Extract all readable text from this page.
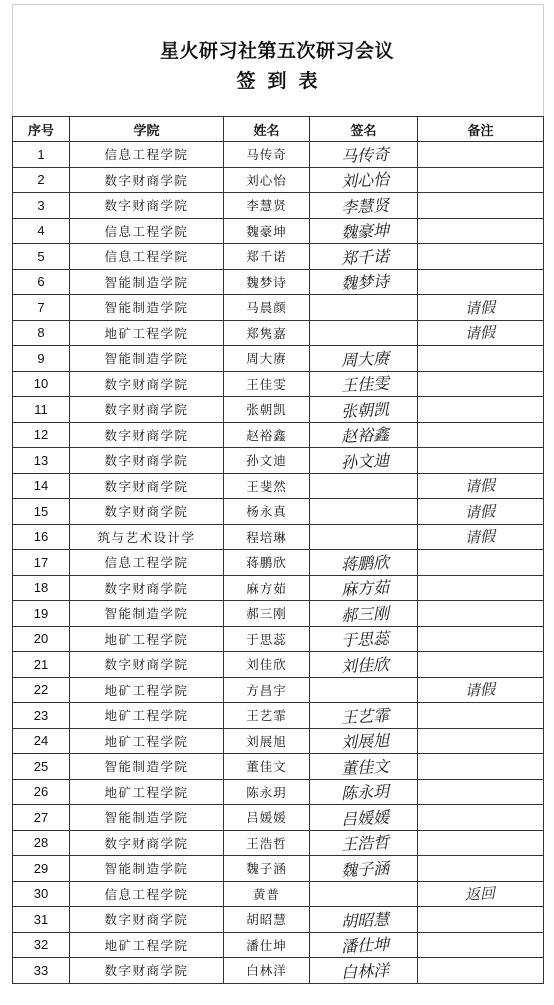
星火研习社第五次研习会议
签到表
序号	学院	姓名	签名	备注
1	信息工程学院	马传奇	马传奇	
2	数字财商学院	刘心怡	刘心怡	
3	数字财商学院	李慧贤	李慧贤	
4	信息工程学院	魏豪坤	魏豪坤	
5	信息工程学院	郑千诺	郑千诺	
6	智能制造学院	魏梦诗	魏梦诗	
7	智能制造学院	马晨颜		请假
8	地矿工程学院	郑隽嘉		请假
9	智能制造学院	周大赓	周大赓	
10	数字财商学院	王佳雯	王佳雯	
11	数字财商学院	张朝凯	张朝凯	
12	数字财商学院	赵裕鑫	赵裕鑫	
13	数字财商学院	孙文迪	孙文迪	
14	数字财商学院	王斐然		请假
15	数字财商学院	杨永真		请假
16	筑与艺术设计学	程培琳		请假
17	信息工程学院	蒋鹏欣	蒋鹏欣	
18	数字财商学院	麻方茹	麻方茹	
19	智能制造学院	郝三刚	郝三刚	
20	地矿工程学院	于思蕊	于思蕊	
21	数字财商学院	刘佳欣	刘佳欣	
22	地矿工程学院	方昌宇		请假
23	地矿工程学院	王艺霏	王艺霏	
24	地矿工程学院	刘展旭	刘展旭	
25	智能制造学院	董佳文	董佳文	
26	地矿工程学院	陈永玥	陈永玥	
27	智能制造学院	吕媛媛	吕媛媛	
28	数字财商学院	王浩哲	王浩哲	
29	智能制造学院	魏子涵	魏子涵	
30	信息工程学院	黄普		返回
31	数字财商学院	胡昭慧	胡昭慧	
32	地矿工程学院	潘仕坤	潘仕坤	
33	数字财商学院	白林洋	白林洋	
